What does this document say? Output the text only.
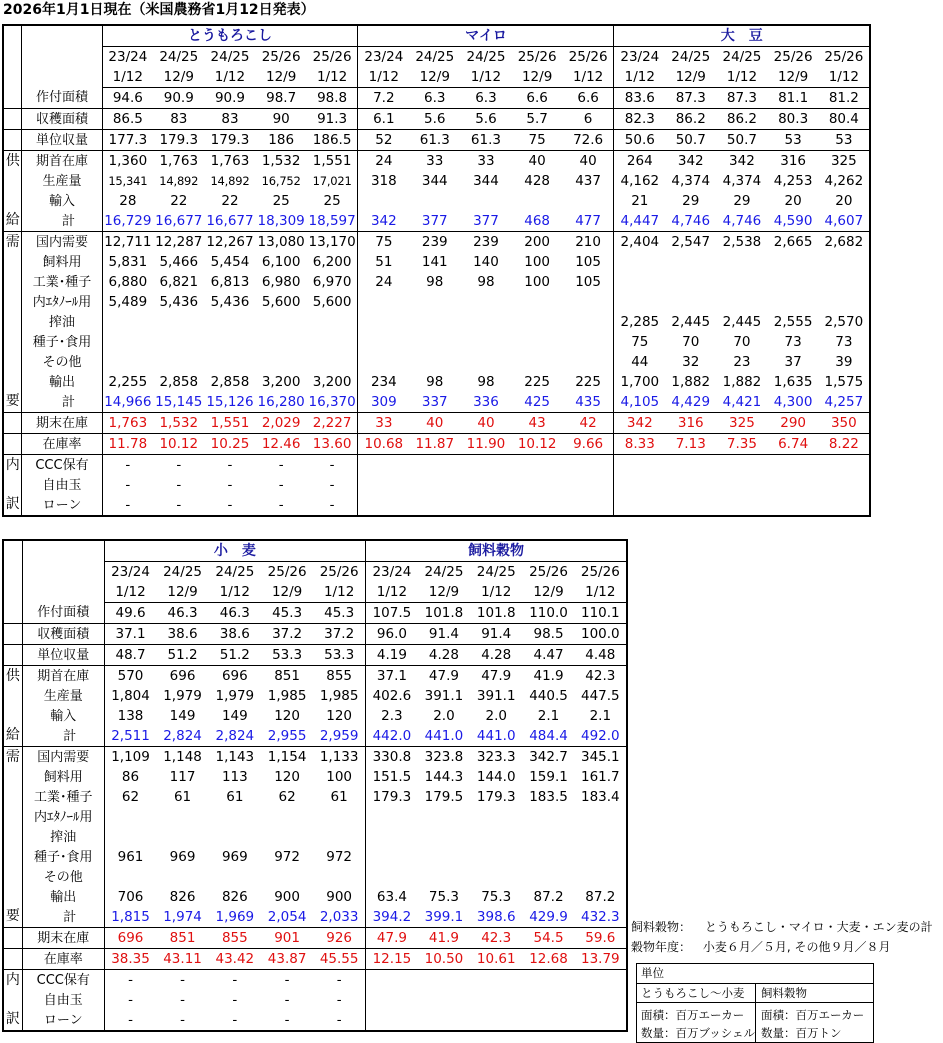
2026年1月1日現在（米国農務省1月12日発表）
		とうもろこし					マイロ					大　豆				
		23/24	24/25	24/25	25/26	25/26	23/24	24/25	24/25	25/26	25/26	23/24	24/25	24/25	25/26	25/26
		1/12	12/9	1/12	12/9	1/12	1/12	12/9	1/12	12/9	1/12	1/12	12/9	1/12	12/9	1/12
	作付面積	94.6	90.9	90.9	98.7	98.8	7.2	6.3	6.3	6.6	6.6	83.6	87.3	87.3	81.1	81.2
	収穫面積	86.5	83	83	90	91.3	6.1	5.6	5.6	5.7	6	82.3	86.2	86.2	80.3	80.4
	単位収量	177.3	179.3	179.3	186	186.5	52	61.3	61.3	75	72.6	50.6	50.7	50.7	53	53

供
給	期首在庫	1,360	1,763	1,763	1,532	1,551	24	33	33	40	40	264	342	342	316	325
	生産量	15,341	14,892	14,892	16,752	17,021	318	344	344	428	437	4,162	4,374	4,374	4,253	4,262
	輸入	28	22	22	25	25						21	29	29	20	20
	計	16,729	16,677	16,677	18,309	18,597	342	377	377	468	477	4,447	4,746	4,746	4,590	4,607

需
要	国内需要	12,711	12,287	12,267	13,080	13,170	75	239	239	200	210	2,404	2,547	2,538	2,665	2,682
	飼料用	5,831	5,466	5,454	6,100	6,200	51	141	140	100	105					
	工業･種子	6,880	6,821	6,813	6,980	6,970	24	98	98	100	105					
	内ｴﾀﾉｰﾙ用	5,489	5,436	5,436	5,600	5,600										
	搾油											2,285	2,445	2,445	2,555	2,570
	種子･食用											75	70	70	73	73
	その他											44	32	23	37	39
	輸出	2,255	2,858	2,858	3,200	3,200	234	98	98	225	225	1,700	1,882	1,882	1,635	1,575
	計	14,966	15,145	15,126	16,280	16,370	309	337	336	425	435	4,105	4,429	4,421	4,300	4,257
	期末在庫	1,763	1,532	1,551	2,029	2,227	33	40	40	43	42	342	316	325	290	350
	在庫率	11.78	10.12	10.25	12.46	13.60	10.68	11.87	11.90	10.12	9.66	8.33	7.13	7.35	6.74	8.22

内
訳	CCC保有	-	-	-	-	-										
	自由玉	-	-	-	-	-										
	ローン	-	-	-	-	-										
		小　麦					飼料穀物				
		23/24	24/25	24/25	25/26	25/26	23/24	24/25	24/25	25/26	25/26
		1/12	12/9	1/12	12/9	1/12	1/12	12/9	1/12	12/9	1/12
	作付面積	49.6	46.3	46.3	45.3	45.3	107.5	101.8	101.8	110.0	110.1
	収穫面積	37.1	38.6	38.6	37.2	37.2	96.0	91.4	91.4	98.5	100.0
	単位収量	48.7	51.2	51.2	53.3	53.3	4.19	4.28	4.28	4.47	4.48

供
給	期首在庫	570	696	696	851	855	37.1	47.9	47.9	41.9	42.3
	生産量	1,804	1,979	1,979	1,985	1,985	402.6	391.1	391.1	440.5	447.5
	輸入	138	149	149	120	120	2.3	2.0	2.0	2.1	2.1
	計	2,511	2,824	2,824	2,955	2,959	442.0	441.0	441.0	484.4	492.0

需
要	国内需要	1,109	1,148	1,143	1,154	1,133	330.8	323.8	323.3	342.7	345.1
	飼料用	86	117	113	120	100	151.5	144.3	144.0	159.1	161.7
	工業･種子	62	61	61	62	61	179.3	179.5	179.3	183.5	183.4
	内ｴﾀﾉｰﾙ用										
	搾油										
	種子･食用	961	969	969	972	972					
	その他										
	輸出	706	826	826	900	900	63.4	75.3	75.3	87.2	87.2
	計	1,815	1,974	1,969	2,054	2,033	394.2	399.1	398.6	429.9	432.3
	期末在庫	696	851	855	901	926	47.9	41.9	42.3	54.5	59.6
	在庫率	38.35	43.11	43.42	43.87	45.55	12.15	10.50	10.61	12.68	13.79

内
訳	CCC保有	-	-	-	-	-					
	自由玉	-	-	-	-	-					
	ローン	-	-	-	-	-					
飼料穀物： とうもろこし・マイロ・大麦・エン麦の計
穀物年度： 小麦６月／５月, その他９月／８月
単位
とうもろこし～小麦	飼料穀物
面積：百万エーカー
数量：百万ブッシェル
面積：百万エーカー
数量：百万トン
